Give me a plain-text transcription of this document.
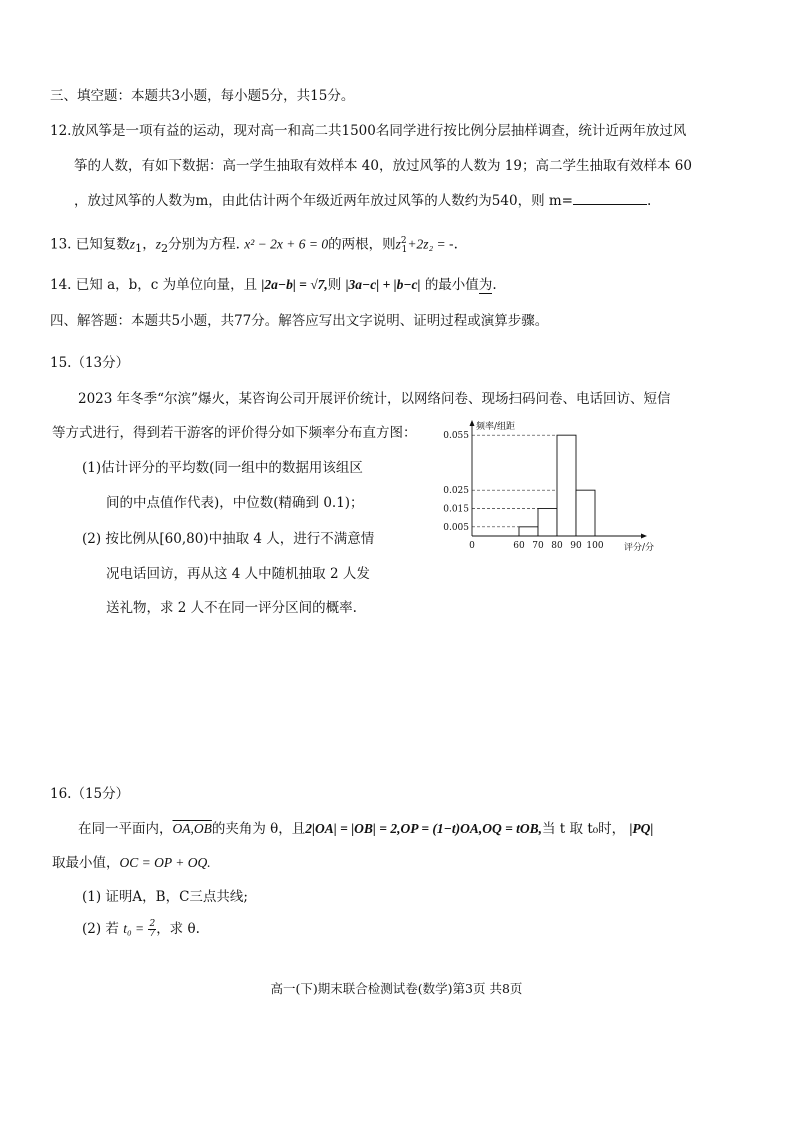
三、填空题：本题共3小题，每小题5分，共15分。
12.放风筝是一项有益的运动，现对高一和高二共1500名同学进行按比例分层抽样调查，统计近两年放过风
筝的人数，有如下数据：高一学生抽取有效样本 40，放过风筝的人数为 19；高二学生抽取有效样本 60
，放过风筝的人数为m，由此估计两个年级近两年放过风筝的人数约为540，则 m=	.
13. 已知复数$z_1$，$z_2$分别为方程. x² − 2x + 6 = 0的两根，则$z^2_1+2z_2$ = -.
14. 已知 a，b，c 为单位向量，且 |2a−b| = √7,则 |3a−c| + |b−c| 的最小值为.
四、解答题：本题共5小题，共77分。解答应写出文字说明、证明过程或演算步骤。
15.（13分）
2023 年冬季“尔滨”爆火，某咨询公司开展评价统计，以网络问卷、现场扫码问卷、电话回访、短信
等方式进行，得到若干游客的评价得分如下频率分布直方图：
(1)估计评分的平均数(同一组中的数据用该组区
间的中点值作代表)，中位数(精确到 0.1)；
(2) 按比例从[60,80)中抽取 4 人，进行不满意情
况电话回访，再从这 4 人中随机抽取 2 人发
送礼物，求 2 人不在同一评分区间的概率.
0.005
0.015
0.025
0.055
60 70 80 90 100
0
频率/组距
评分/分
16.（15分）
在同一平面内，OA,OB的夹角为 θ，且2|OA| = |OB| = 2,OP = (1−t)OA,OQ = tOB,当 t 取 t₀时， |PQ|
取最小值，OC = OP + OQ.
(1) 证明A，B，C三点共线;
(2) 若 $t_0 = \frac{2}{7}$ ，求 θ.
高一(下)期末联合检测试卷(数学)第3页 共8页
